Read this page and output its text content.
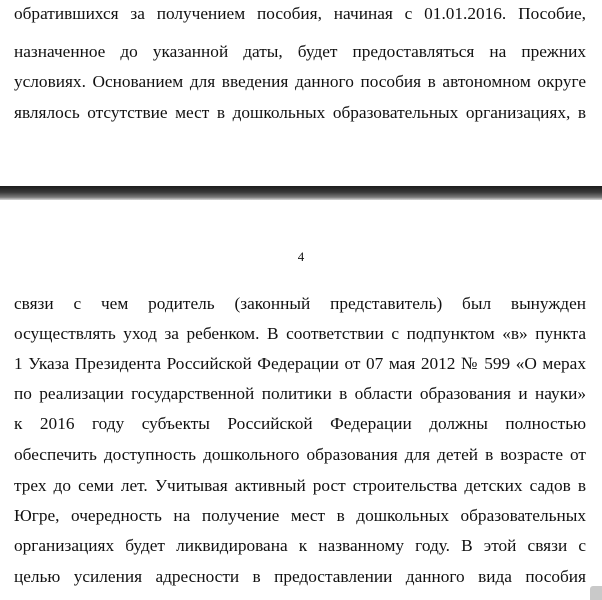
обратившихся за получением пособия, начиная с 01.01.2016. Пособие,
назначенное до указанной даты, будет предоставляться на прежних
условиях. Основанием для введения данного пособия в автономном округе
являлось отсутствие мест в дошкольных образовательных организациях, в
4
связи с чем родитель (законный представитель) был вынужден
осуществлять уход за ребенком. В соответствии с подпунктом «в» пункта
1 Указа Президента Российской Федерации от 07 мая 2012 № 599 «О мерах
по реализации государственной политики в области образования и науки»
к 2016 году субъекты Российской Федерации должны полностью
обеспечить доступность дошкольного образования для детей в возрасте от
трех до семи лет. Учитывая активный рост строительства детских садов в
Югре, очередность на получение мест в дошкольных образовательных
организациях будет ликвидирована к названному году. В этой связи с
целью усиления адресности в предоставлении данного вида пособия
